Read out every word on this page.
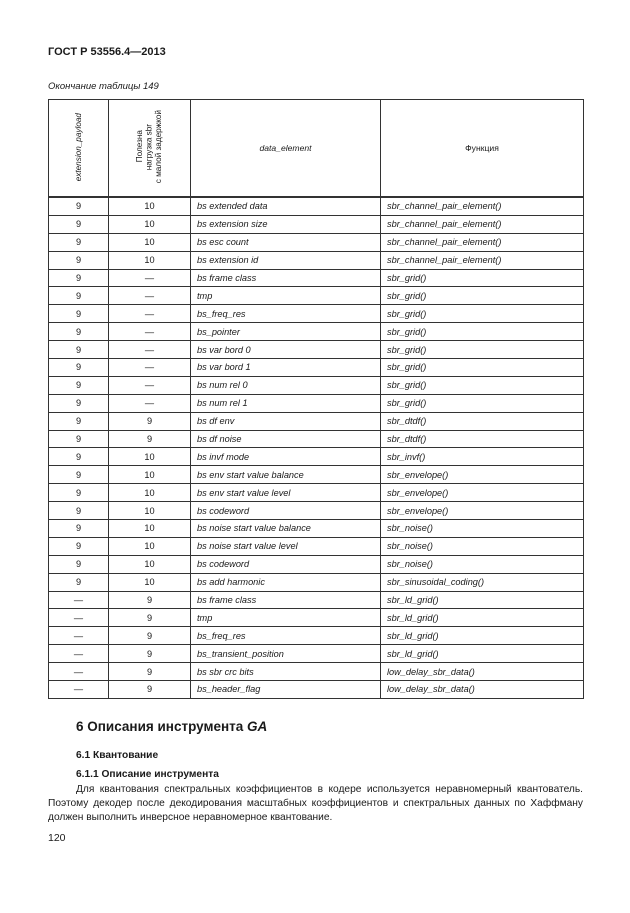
ГОСТ Р 53556.4—2013
Окончание таблицы 149
extension_payload	Полезна
нагрузка sbr
с малой задержкой	data_element	Функция
9	10	bs extended data	sbr_channel_pair_element()
9	10	bs extension size	sbr_channel_pair_element()
9	10	bs esc count	sbr_channel_pair_element()
9	10	bs extension id	sbr_channel_pair_element()
9	—	bs frame class	sbr_grid()
9	—	tmp	sbr_grid()
9	—	bs_freq_res	sbr_grid()
9	—	bs_pointer	sbr_grid()
9	—	bs var bord 0	sbr_grid()
9	—	bs var bord 1	sbr_grid()
9	—	bs num rel 0	sbr_grid()
9	—	bs num rel 1	sbr_grid()
9	9	bs df env	sbr_dtdf()
9	9	bs df noise	sbr_dtdf()
9	10	bs invf mode	sbr_invf()
9	10	bs env start value balance	sbr_envelope()
9	10	bs env start value level	sbr_envelope()
9	10	bs codeword	sbr_envelope()
9	10	bs noise start value balance	sbr_noise()
9	10	bs noise start value level	sbr_noise()
9	10	bs codeword	sbr_noise()
9	10	bs add harmonic	sbr_sinusoidal_coding()
—	9	bs frame class	sbr_ld_grid()
—	9	tmp	sbr_ld_grid()
—	9	bs_freq_res	sbr_ld_grid()
—	9	bs_transient_position	sbr_ld_grid()
—	9	bs sbr crc bits	low_delay_sbr_data()
—	9	bs_header_flag	low_delay_sbr_data()
6 Описания инструмента GA
6.1 Квантование
6.1.1 Описание инструмента
Для квантования спектральных коэффициентов в кодере используется неравномерный квантователь. Поэтому декодер после декодирования масштабных коэффициентов и спектральных данных по Хаффману должен выполнить инверсное неравномерное квантование.
120
